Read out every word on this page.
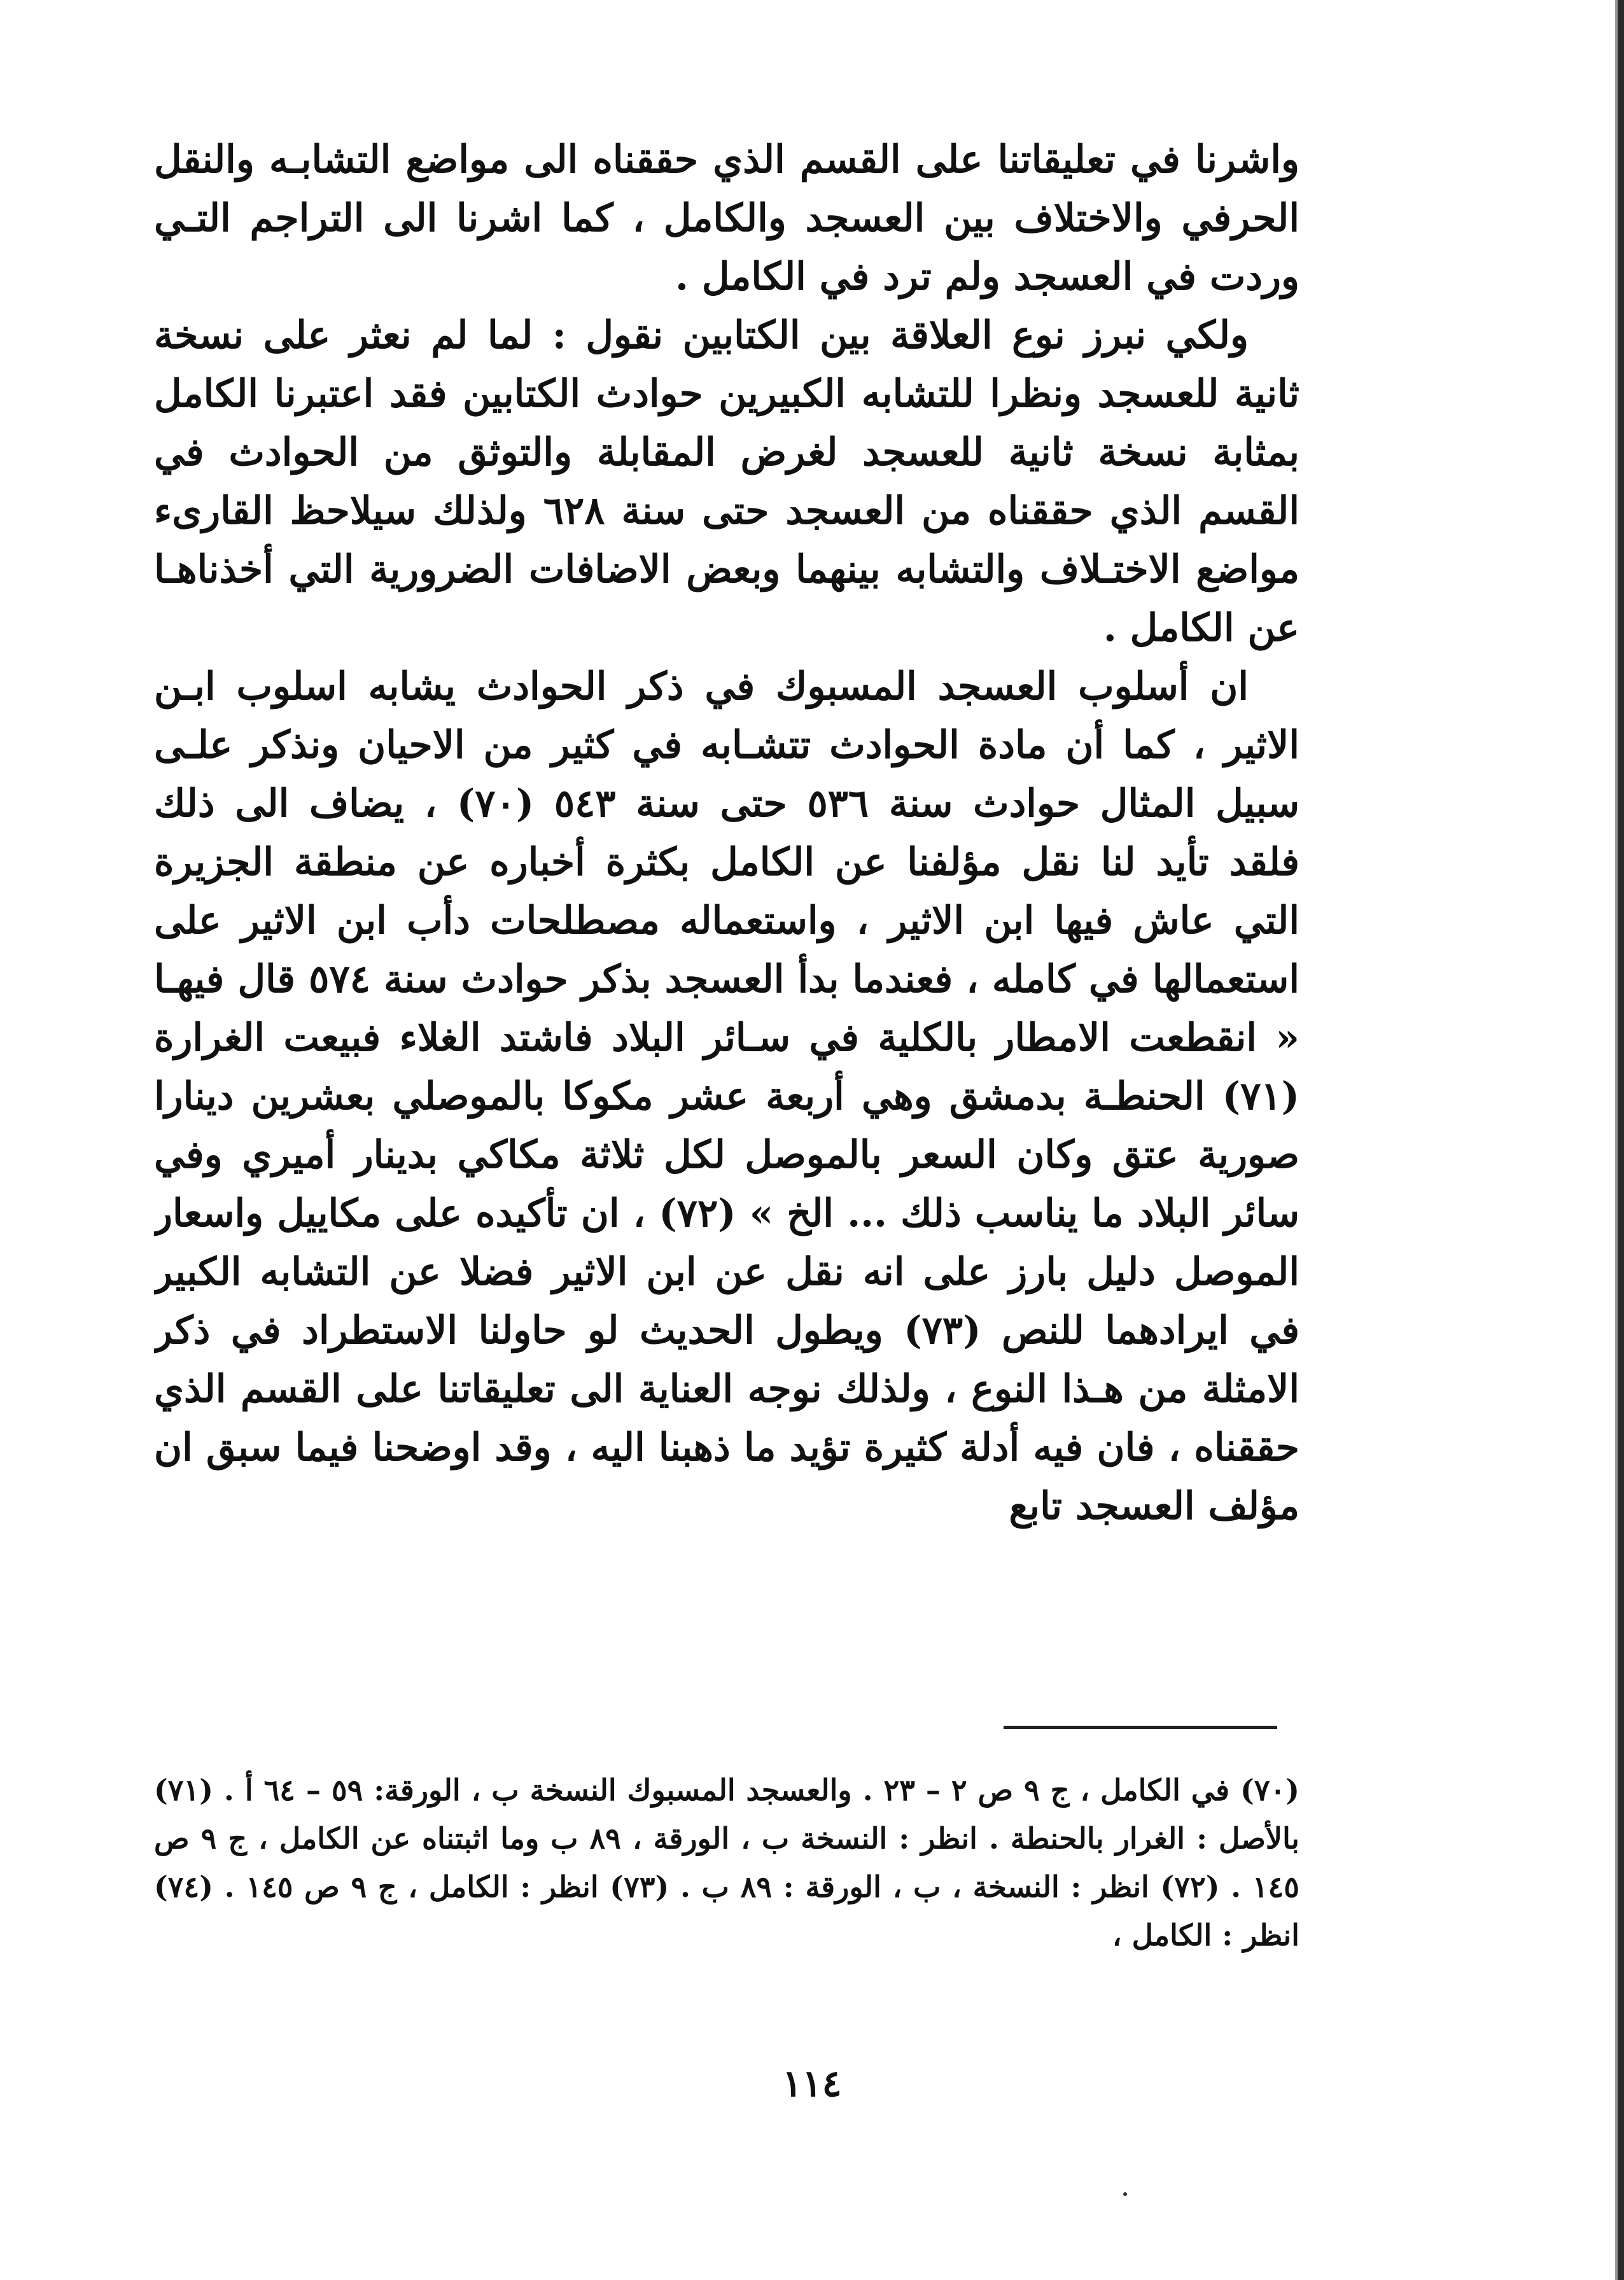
واشرنا في تعليقاتنا على القسم الذي حققناه الى مواضع التشابـه والنقل الحرفي والاختلاف بين العسجد والكامل ، كما اشرنا الى التراجم التـي وردت في العسجد ولم ترد في الكامل .

ولكي نبرز نوع العلاقة بين الكتابين نقول : لما لم نعثر على نسخة ثانية للعسجد ونظرا للتشابه الكبيرين حوادث الكتابين فقد اعتبرنا الكامل بمثابة نسخة ثانية للعسجد لغرض المقابلة والتوثق من الحوادث في القسم الذي حققناه من العسجد حتى سنة ٦٢٨ ولذلك سيلاحظ القارىء مواضع الاختـلاف والتشابه بينهما وبعض الاضافات الضرورية التي أخذناهـا عن الكامل .

ان أسلوب العسجد المسبوك في ذكر الحوادث يشابه اسلوب ابـن الاثير ، كما أن مادة الحوادث تتشـابه في كثير من الاحيان ونذكر علـى سبيل المثال حوادث سنة ٥٣٦ حتى سنة ٥٤٣ (٧٠) ، يضاف الى ذلك فلقد تأيد لنا نقل مؤلفنا عن الكامل بكثرة أخباره عن منطقة الجزيرة التي عاش فيها ابن الاثير ، واستعماله مصطلحات دأب ابن الاثير على استعمالها في كامله ، فعندما بدأ العسجد بذكر حوادث سنة ٥٧٤ قال فيهـا « انقطعت الامطار بالكلية في سـائر البلاد فاشتد الغلاء فبيعت الغرارة (٧١) الحنطـة بدمشق وهي أربعة عشر مكوكا بالموصلي بعشرين دينارا صورية عتق وكان السعر بالموصل لكل ثلاثة مكاكي بدينار أميري وفي سائر البلاد ما يناسب ذلك ... الخ » (٧٢) ، ان تأكيده على مكاييل واسعار الموصل دليل بارز على انه نقل عن ابن الاثير فضلا عن التشابه الكبير في ايرادهما للنص (٧٣) ويطول الحديث لو حاولنا الاستطراد في ذكر الامثلة من هـذا النوع ، ولذلك نوجه العناية الى تعليقاتنا على القسم الذي حققناه ، فان فيه أدلة كثيرة تؤيد ما ذهبنا اليه ، وقد اوضحنا فيما سبق ان مؤلف العسجد تابع

(٧٠) في الكامل ، ج ٩ ص ٢ – ٢٣ . والعسجد المسبوك النسخة ب ، الورقة: ٥٩ – ٦٤ أ . (٧١) بالأصل : الغرار بالحنطة . انظر : النسخة ب ، الورقة ، ٨٩ ب وما اثبتناه عن الكامل ، ج ٩ ص ١٤٥ . (٧٢) انظر : النسخة ، ب ، الورقة : ٨٩ ب . (٧٣) انظر : الكامل ، ج ٩ ص ١٤٥ . (٧٤) انظر : الكامل ،

١١٤
